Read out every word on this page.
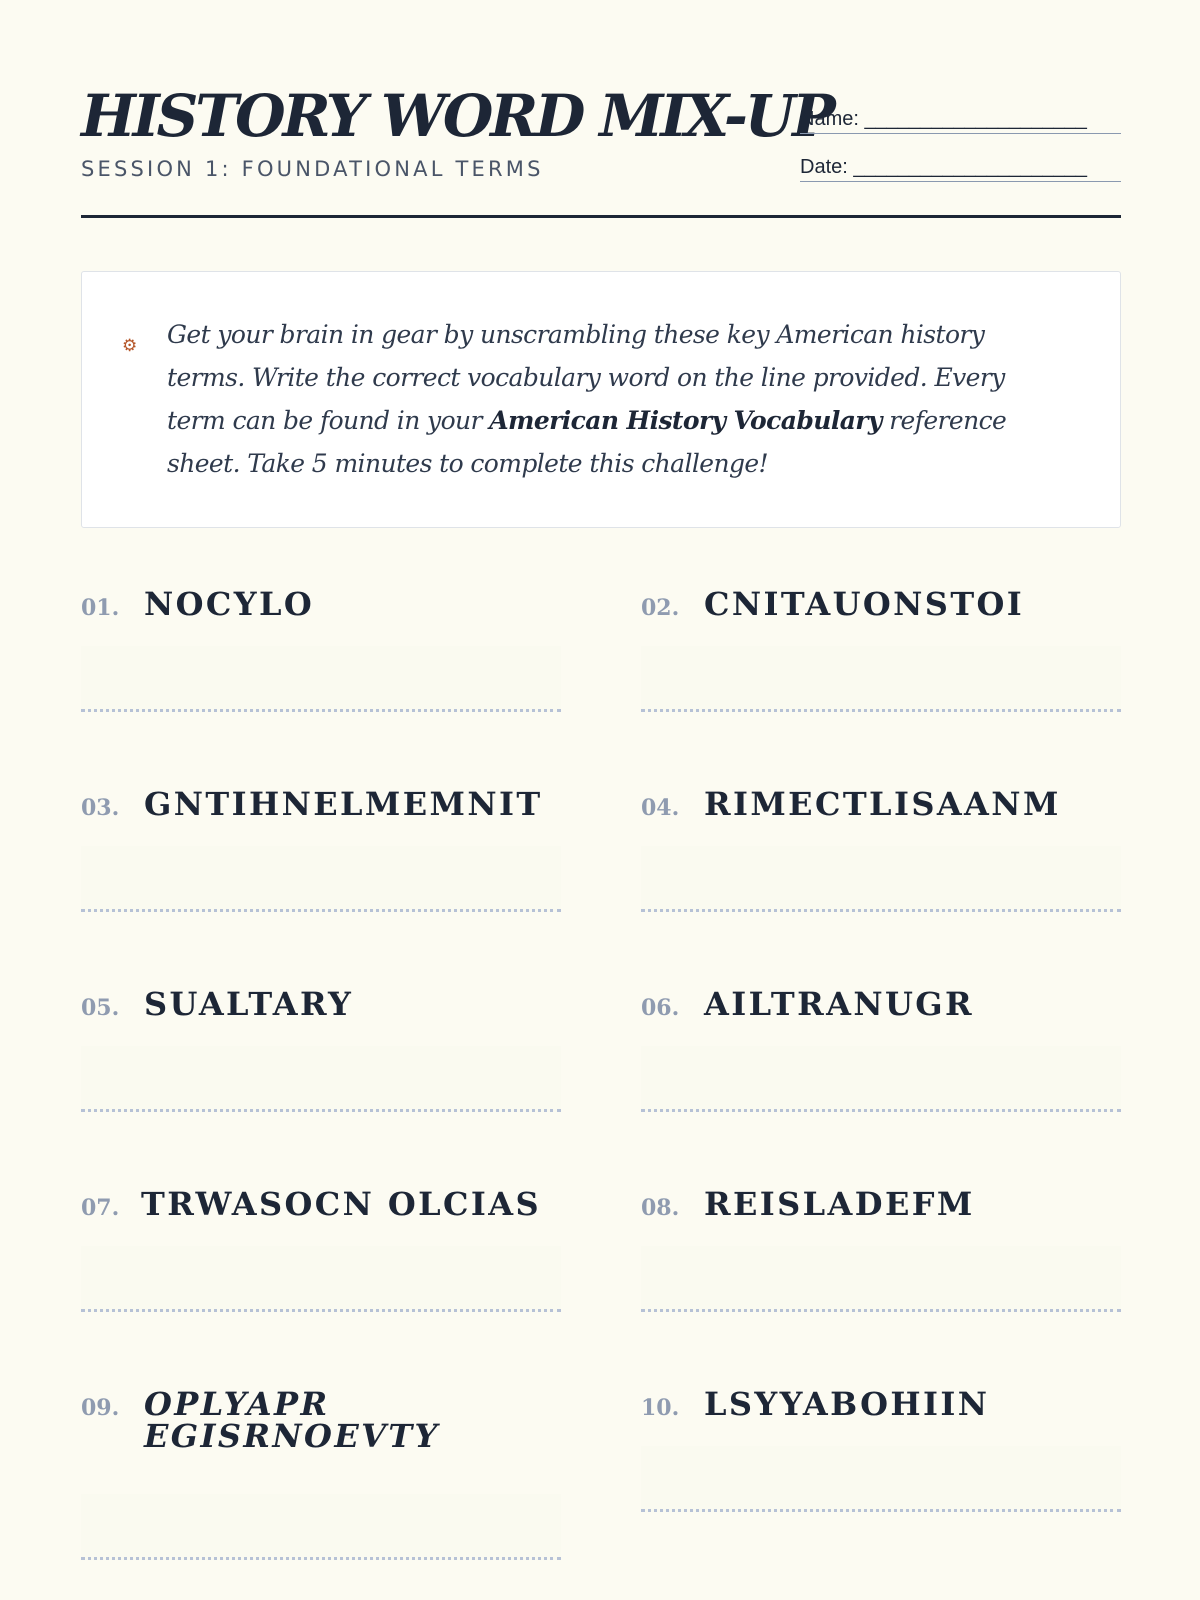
HISTORY WORD MIX-UP
SESSION 1: FOUNDATIONAL TERMS
Name: ____________________
Date: _____________________
⚙ Get your brain in gear by unscrambling these key American history terms. Write the correct vocabulary word on the line provided. Every term can be found in your American History Vocabulary reference sheet. Take 5 minutes to complete this challenge!

01. NOCYLO	02. CNITAUONSTOI
03. GNTIHNELMEMNIT	04. RIMECTLISAANM
05. SUALTARY	06. AILTRANUGR
07. TRWASOCN OLCIAS	08. REISLADEFM
09. OPLYAPR EGISRNOEVTY
10. LSYYABOHIIN
